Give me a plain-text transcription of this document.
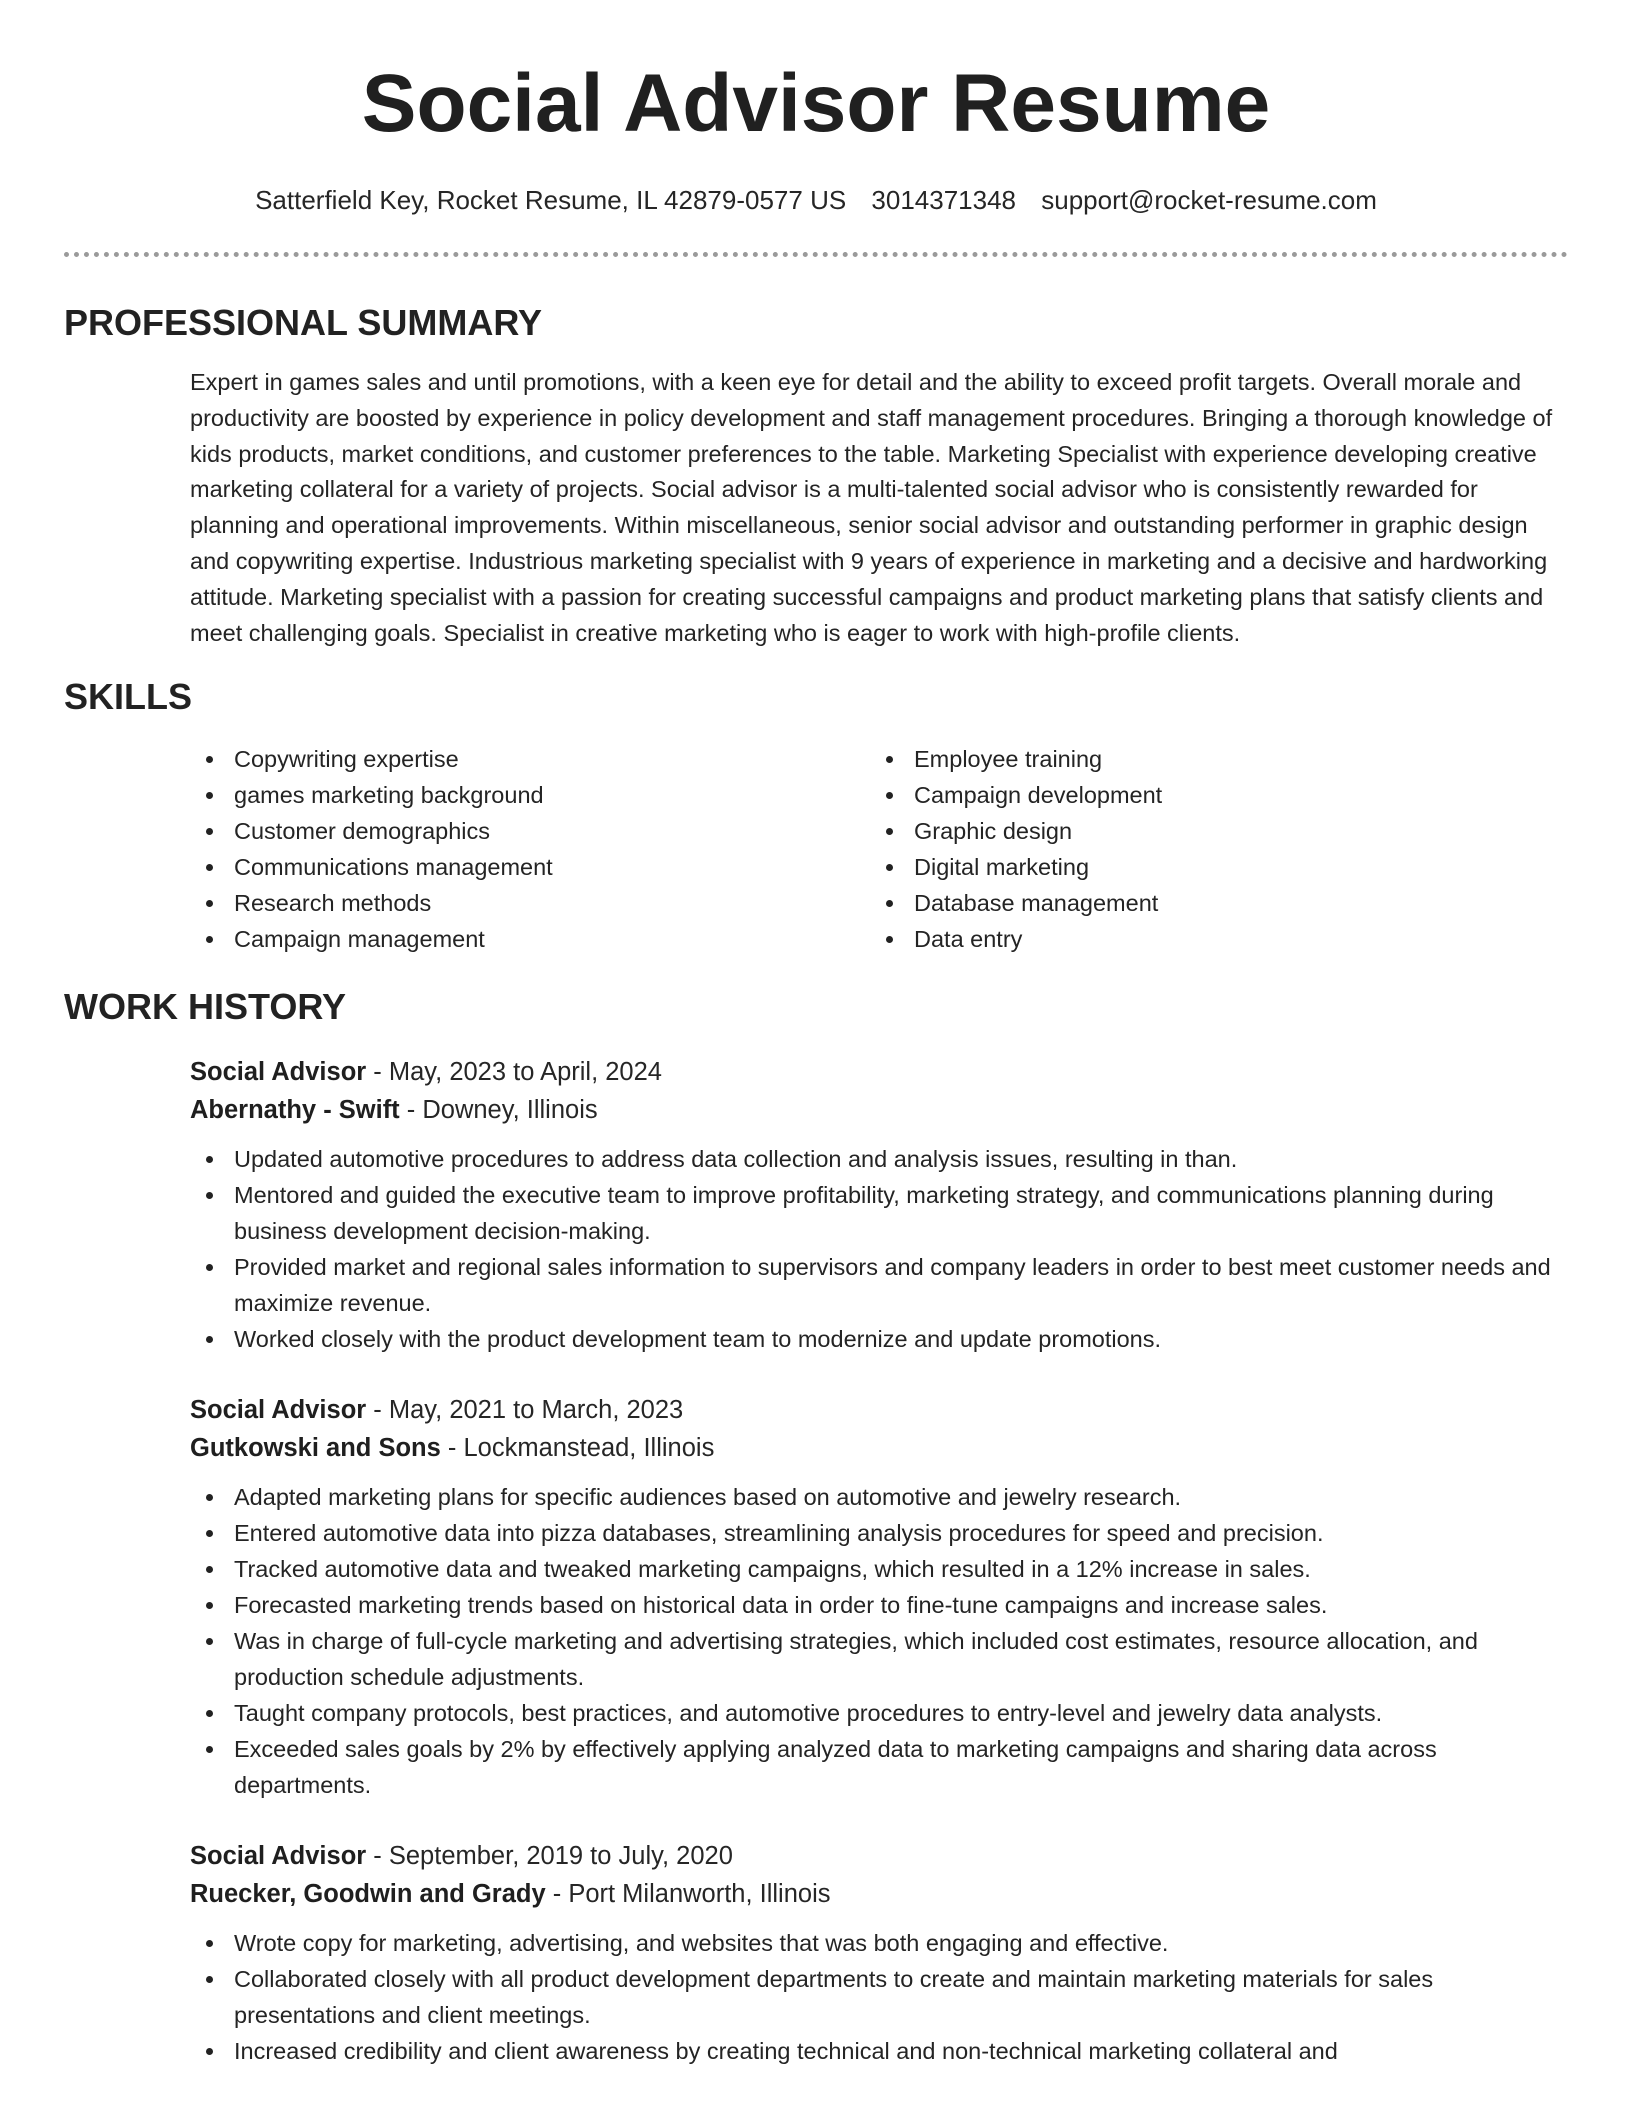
Social Advisor Resume
Satterfield Key, Rocket Resume, IL 42879-0577 US 3014371348 support@rocket-resume.com
PROFESSIONAL SUMMARY
Expert in games sales and until promotions, with a keen eye for detail and the ability to exceed profit targets. Overall morale and productivity are boosted by experience in policy development and staff management procedures. Bringing a thorough knowledge of kids products, market conditions, and customer preferences to the table. Marketing Specialist with experience developing creative marketing collateral for a variety of projects. Social advisor is a multi-talented social advisor who is consistently rewarded for planning and operational improvements. Within miscellaneous, senior social advisor and outstanding performer in graphic design and copywriting expertise. Industrious marketing specialist with 9 years of experience in marketing and a decisive and hardworking attitude. Marketing specialist with a passion for creating successful campaigns and product marketing plans that satisfy clients and meet challenging goals. Specialist in creative marketing who is eager to work with high-profile clients.
SKILLS
Copywriting expertise
games marketing background
Customer demographics
Communications management
Research methods
Campaign management
Employee training
Campaign development
Graphic design
Digital marketing
Database management
Data entry
WORK HISTORY
Social Advisor - May, 2023 to April, 2024
Abernathy - Swift - Downey, Illinois
Updated automotive procedures to address data collection and analysis issues, resulting in than.
Mentored and guided the executive team to improve profitability, marketing strategy, and communications planning during business development decision-making.
Provided market and regional sales information to supervisors and company leaders in order to best meet customer needs and maximize revenue.
Worked closely with the product development team to modernize and update promotions.
Social Advisor - May, 2021 to March, 2023
Gutkowski and Sons - Lockmanstead, Illinois
Adapted marketing plans for specific audiences based on automotive and jewelry research.
Entered automotive data into pizza databases, streamlining analysis procedures for speed and precision.
Tracked automotive data and tweaked marketing campaigns, which resulted in a 12% increase in sales.
Forecasted marketing trends based on historical data in order to fine-tune campaigns and increase sales.
Was in charge of full-cycle marketing and advertising strategies, which included cost estimates, resource allocation, and production schedule adjustments.
Taught company protocols, best practices, and automotive procedures to entry-level and jewelry data analysts.
Exceeded sales goals by 2% by effectively applying analyzed data to marketing campaigns and sharing data across departments.
Social Advisor - September, 2019 to July, 2020
Ruecker, Goodwin and Grady - Port Milanworth, Illinois
Wrote copy for marketing, advertising, and websites that was both engaging and effective.
Collaborated closely with all product development departments to create and maintain marketing materials for sales presentations and client meetings.
Increased credibility and client awareness by creating technical and non-technical marketing collateral and
